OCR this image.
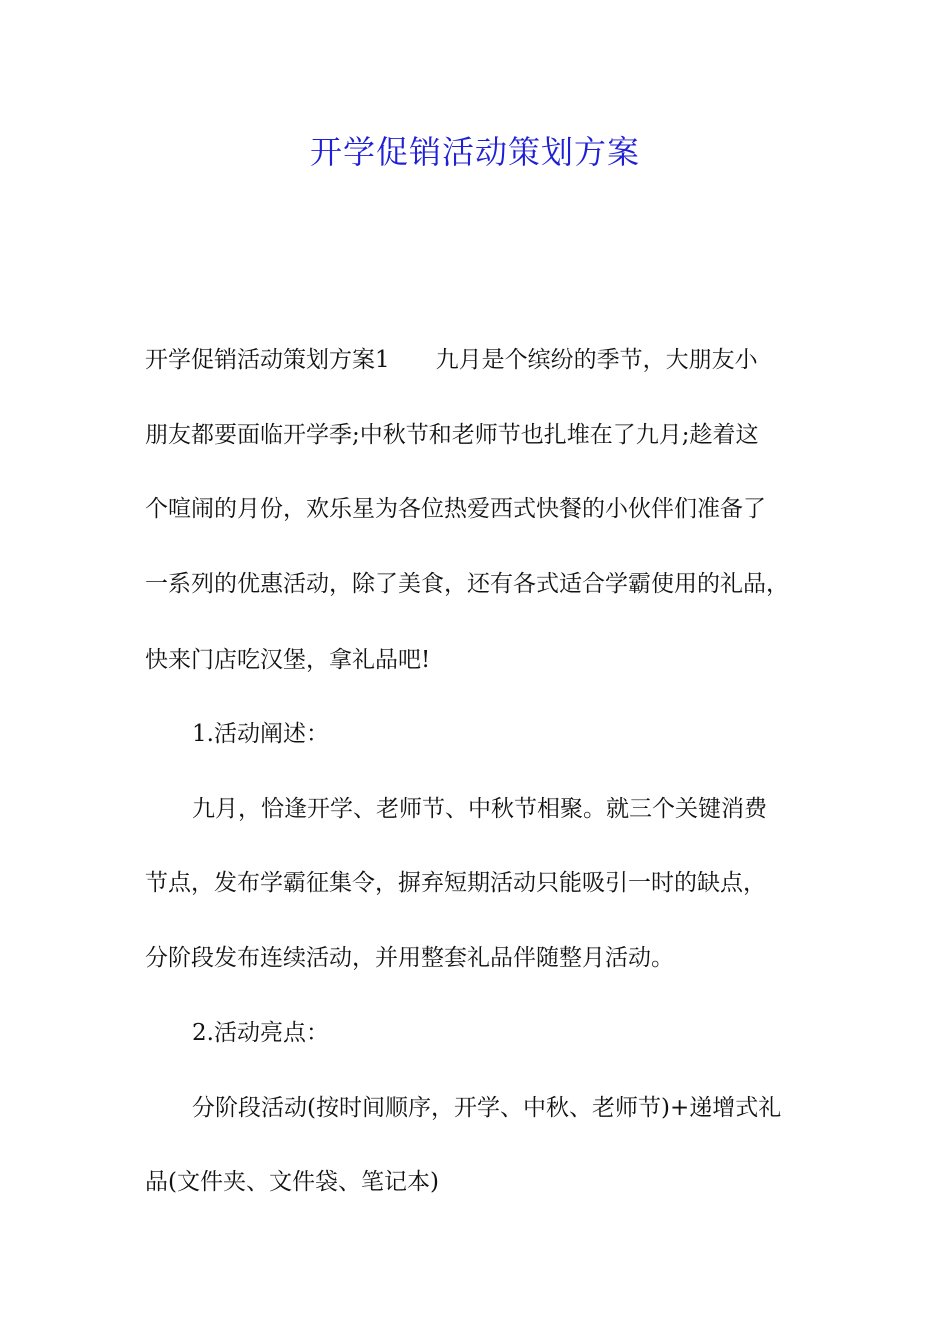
开学促销活动策划方案
开学促销活动策划方案1　　九月是个缤纷的季节，大朋友小
朋友都要面临开学季;中秋节和老师节也扎堆在了九月;趁着这
个喧闹的月份，欢乐星为各位热爱西式快餐的小伙伴们准备了
一系列的优惠活动，除了美食，还有各式适合学霸使用的礼品，
快来门店吃汉堡，拿礼品吧!
1.活动阐述：
九月，恰逢开学、老师节、中秋节相聚。就三个关键消费
节点，发布学霸征集令，摒弃短期活动只能吸引一时的缺点，
分阶段发布连续活动，并用整套礼品伴随整月活动。
2.活动亮点：
分阶段活动(按时间顺序，开学、中秋、老师节)+递增式礼
品(文件夹、文件袋、笔记本)
